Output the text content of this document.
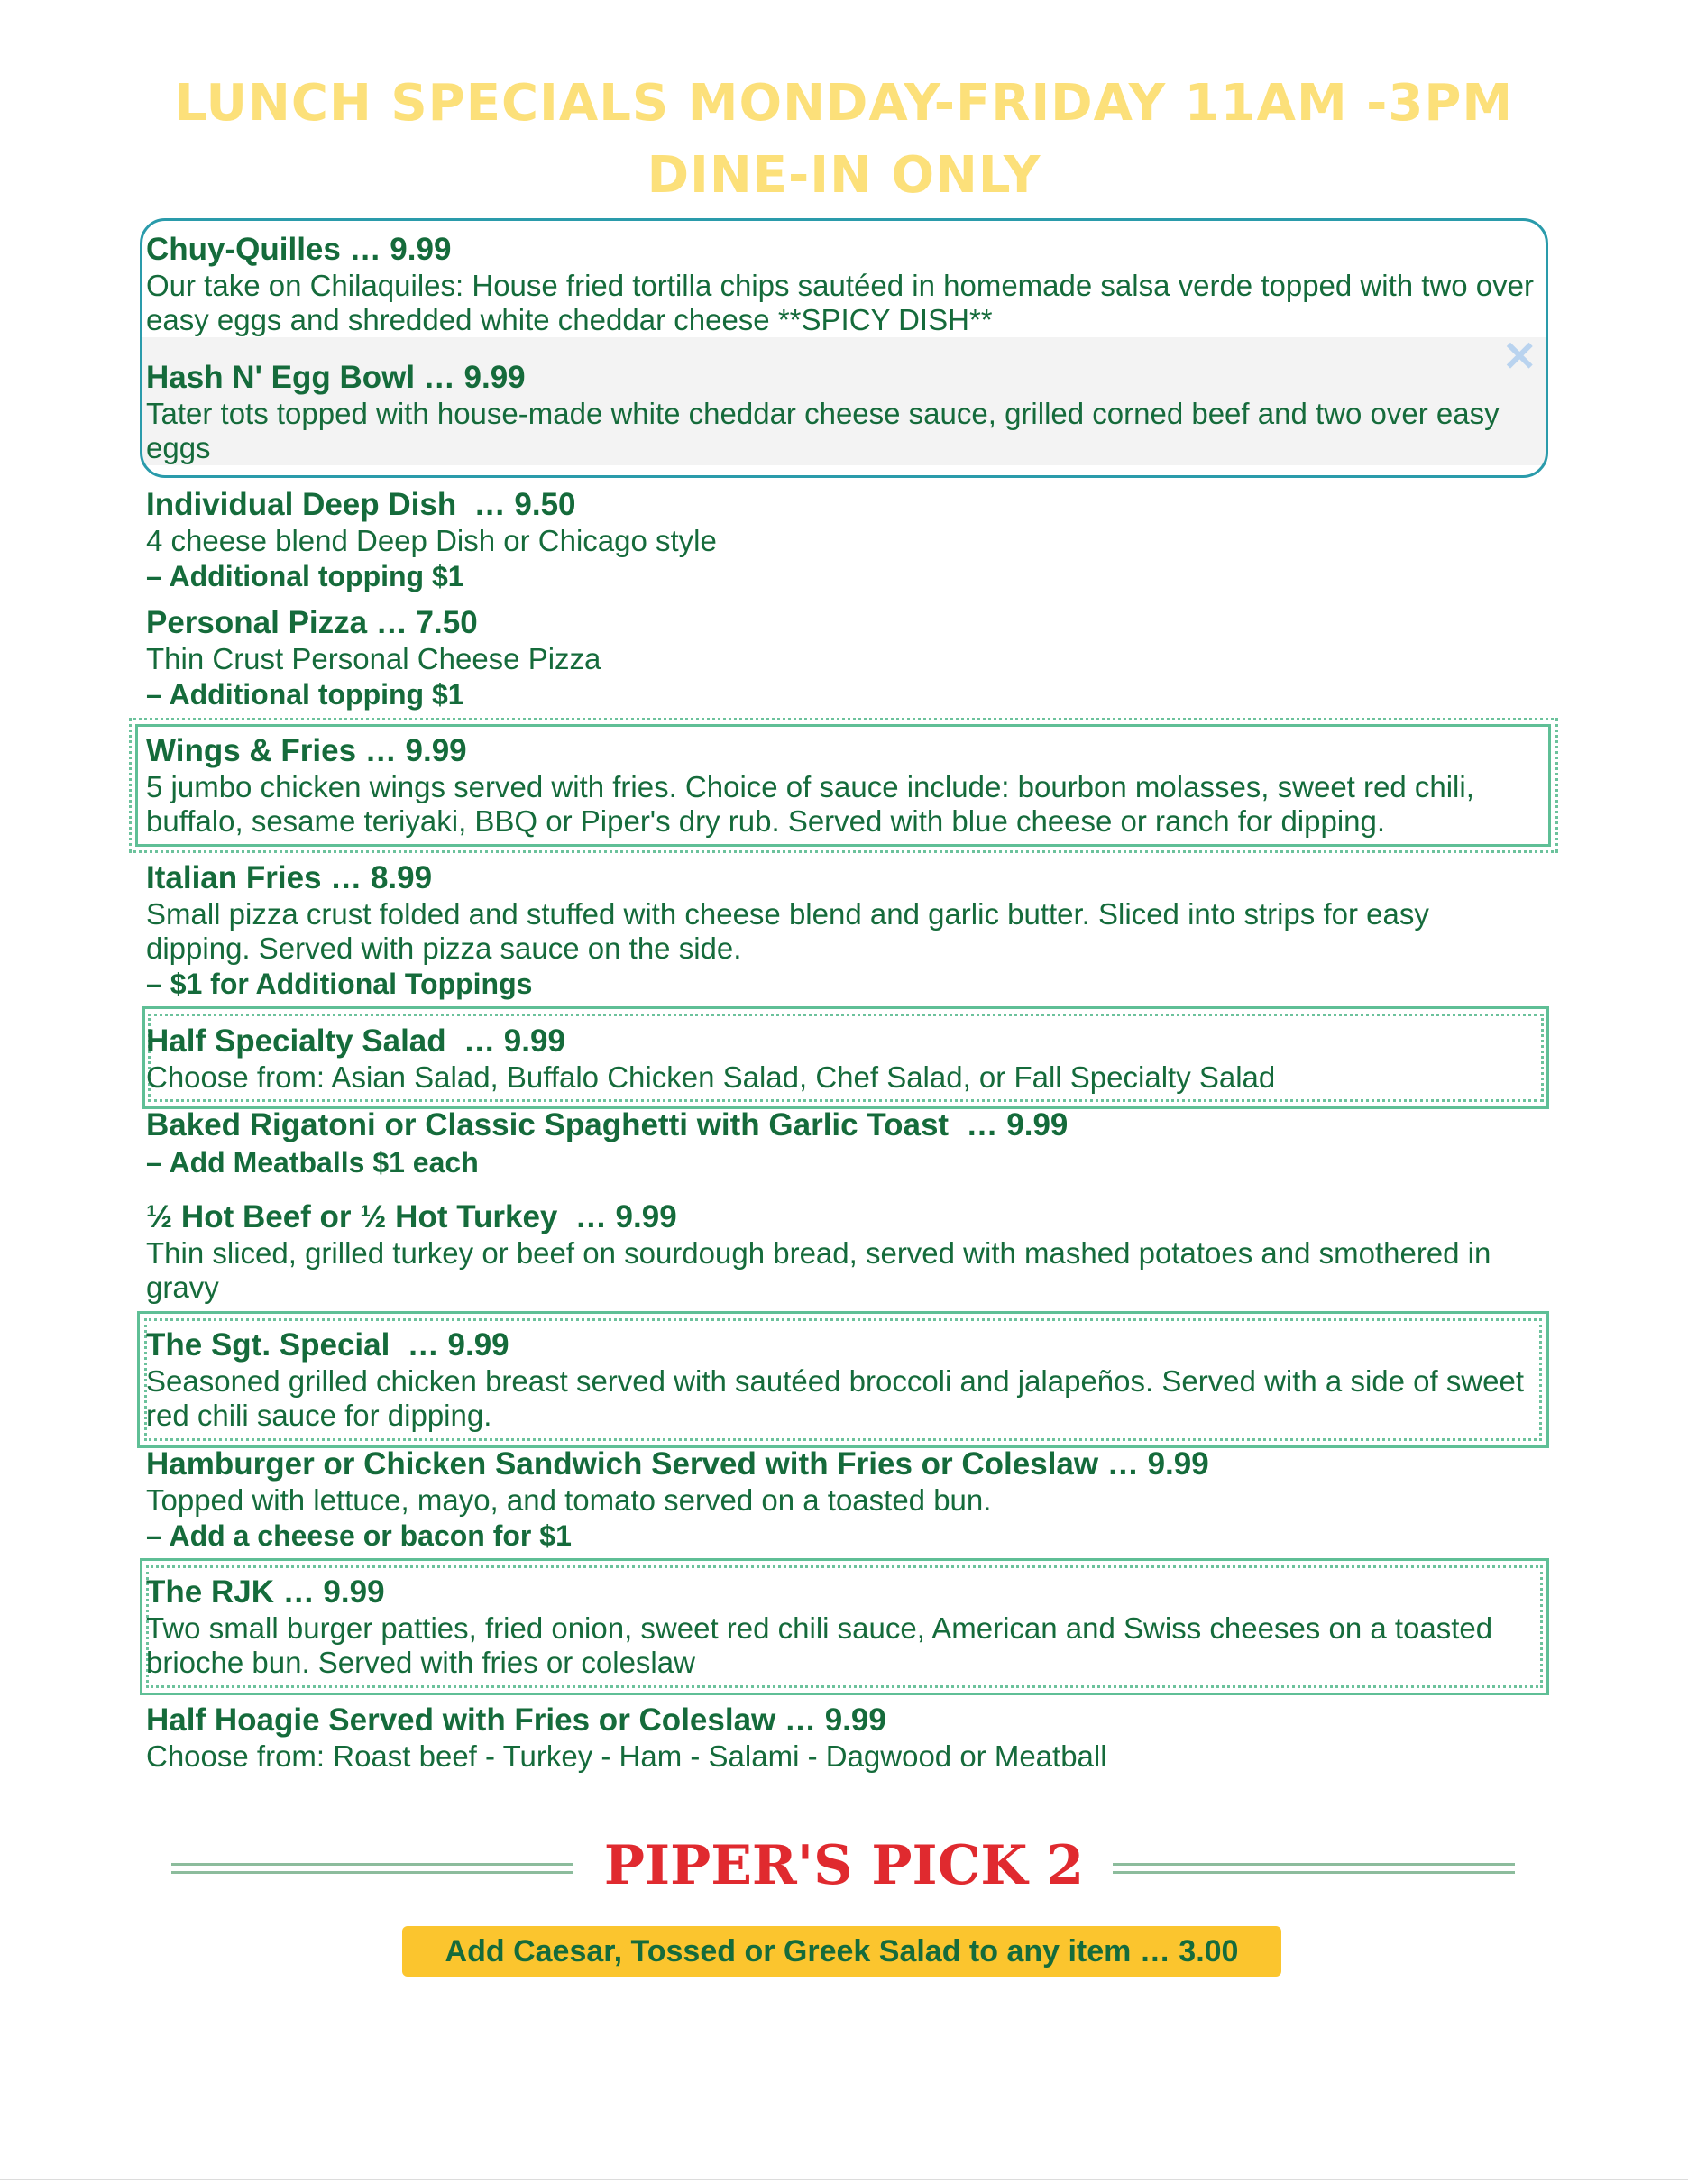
LUNCH SPECIALS MONDAY-FRIDAY 11AM -3PM
DINE-IN ONLY
✕
Chuy-Quilles … 9.99
Our take on Chilaquiles: House fried tortilla chips sautéed in homemade salsa verde topped with two over easy eggs and shredded white cheddar cheese **SPICY DISH**
Hash N' Egg Bowl … 9.99
Tater tots topped with house-made white cheddar cheese sauce, grilled corned beef and two over easy eggs
Individual Deep Dish  … 9.50
4 cheese blend Deep Dish or Chicago style
– Additional topping $1
Personal Pizza … 7.50
Thin Crust Personal Cheese Pizza
– Additional topping $1
Wings & Fries … 9.99
5 jumbo chicken wings served with fries. Choice of sauce include: bourbon molasses, sweet red chili, buffalo, sesame teriyaki, BBQ or Piper's dry rub. Served with blue cheese or ranch for dipping.
Italian Fries … 8.99
Small pizza crust folded and stuffed with cheese blend and garlic butter. Sliced into strips for easy dipping. Served with pizza sauce on the side.
– $1 for Additional Toppings
Half Specialty Salad  … 9.99
Choose from: Asian Salad, Buffalo Chicken Salad, Chef Salad, or Fall Specialty Salad
Baked Rigatoni or Classic Spaghetti with Garlic Toast  … 9.99
– Add Meatballs $1 each
½ Hot Beef or ½ Hot Turkey  … 9.99
Thin sliced, grilled turkey or beef on sourdough bread, served with mashed potatoes and smothered in gravy
The Sgt. Special  … 9.99
Seasoned grilled chicken breast served with sautéed broccoli and jalapeños. Served with a side of sweet red chili sauce for dipping.
Hamburger or Chicken Sandwich Served with Fries or Coleslaw … 9.99
Topped with lettuce, mayo, and tomato served on a toasted bun.
– Add a cheese or bacon for $1
The RJK … 9.99
Two small burger patties, fried onion, sweet red chili sauce, American and Swiss cheeses on a toasted brioche bun. Served with fries or coleslaw
Half Hoagie Served with Fries or Coleslaw … 9.99
Choose from: Roast beef - Turkey - Ham - Salami - Dagwood or Meatball
PIPER'S PICK 2
Add Caesar, Tossed or Greek Salad to any item … 3.00
